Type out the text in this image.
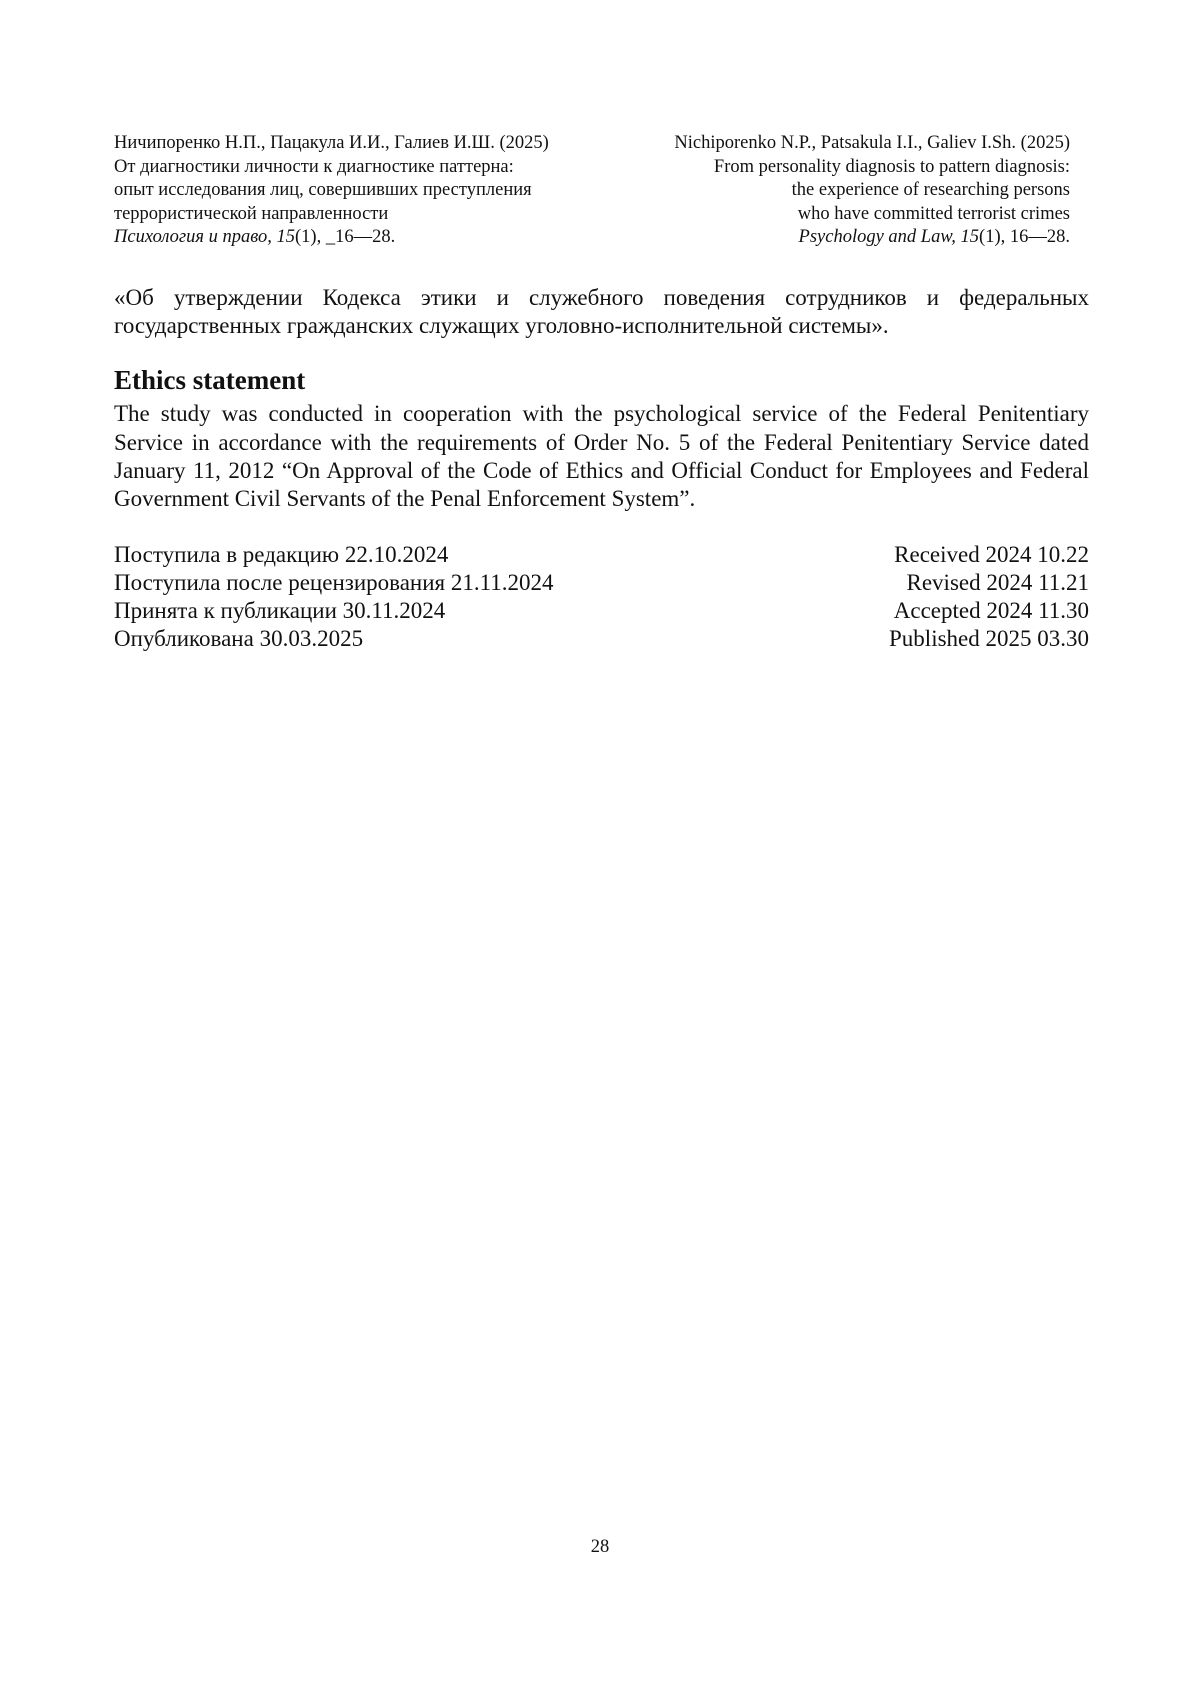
Ничипоренко Н.П., Пацакула И.И., Галиев И.Ш. (2025)
От диагностики личности к диагностике паттерна:
опыт исследования лиц, совершивших преступления
террористической направленности
Психология и право, 15(1), _16—28.
Nichiporenko N.P., Patsakula I.I., Galiev I.Sh. (2025)
From personality diagnosis to pattern diagnosis:
the experience of researching persons
who have committed terrorist crimes
Psychology and Law, 15(1), 16—28.

«Об утверждении Кодекса этики и служебного поведения сотрудников и федеральных государственных гражданских служащих уголовно-исполнительной системы».

Ethics statement

The study was conducted in cooperation with the psychological service of the Federal Penitentiary Service in accordance with the requirements of Order No. 5 of the Federal Penitentiary Service dated January 11, 2012 “On Approval of the Code of Ethics and Official Conduct for Employees and Federal Government Civil Servants of the Penal Enforcement System”.

Поступила в редакцию 22.10.2024	Received 2024 10.22
Поступила после рецензирования 21.11.2024	Revised 2024 11.21
Принята к публикации 30.11.2024	Accepted 2024 11.30
Опубликована 30.03.2025	Published 2025 03.30
28
